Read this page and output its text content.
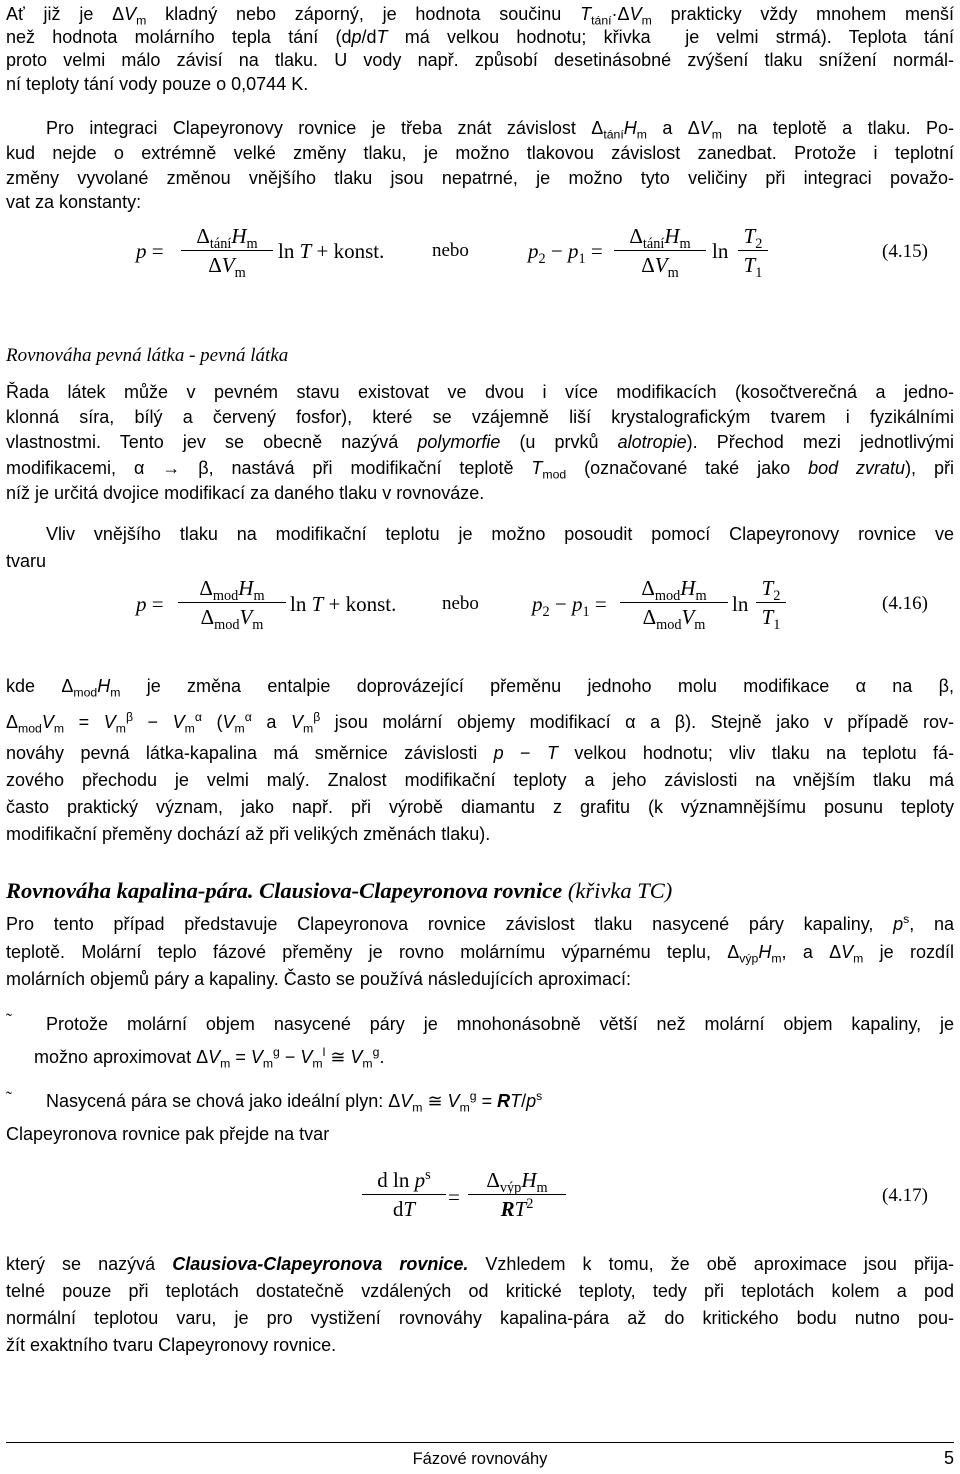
Ať již je $\Delta V_m$ kladný nebo záporný, je hodnota součinu $T_{tání}\cdot\Delta V_m$ prakticky vždy mnohem menší
než hodnota molárního tepla tání (dp/dT má velkou hodnotu; křivka  je velmi strmá). Teplota tání
proto velmi málo závisí na tlaku. U vody např. způsobí desetinásobné zvýšení tlaku snížení normál-
ní teploty tání vody pouze o 0,0744 K.
Pro integraci Clapeyronovy rovnice je třeba znát závislost $\Delta_{tání}H_m$ a $\Delta V_m$ na teplotě a tlaku. Po-
kud nejde o extrémně velké změny tlaku, je možno tlakovou závislost zanedbat. Protože i teplotní
změny vyvolané změnou vnějšího tlaku jsou nepatrné, je možno tyto veličiny při integraci považo-
vat za konstanty:
p =
$\Delta_{tání}H_m$
$\Delta V_m$
ln T + konst.	nebo	$p_2 - p_1$ =
$\Delta_{tání}H_m$
$\Delta V_m$
ln
$T_2$
$T_1$
(4.15)
Rovnováha pevná látka - pevná látka
Řada látek může v pevném stavu existovat ve dvou i více modifikacích (kosočtverečná a jedno-
klonná síra, bílý a červený fosfor), které se vzájemně liší krystalografickým tvarem i fyzikálními
vlastnostmi. Tento jev se obecně nazývá polymorfie (u prvků alotropie). Přechod mezi jednotlivými
modifikacemi, α → β, nastává při modifikační teplotě $T_{mod}$ (označované také jako bod zvratu), při
níž je určitá dvojice modifikací za daného tlaku v rovnováze.
Vliv vnějšího tlaku na modifikační teplotu je možno posoudit pomocí Clapeyronovy rovnice ve
tvaru
p =
$\Delta_{mod}H_m$
$\Delta_{mod}V_m$
ln T + konst. nebo	$p_2 - p_1$ =
$\Delta_{mod}H_m$
$\Delta_{mod}V_m$
ln
$T_2$
$T_1$
(4.16)
kde $\Delta_{mod}H_m$ je změna entalpie doprovázející přeměnu jednoho molu modifikace α na β,
$\Delta_{mod}V_m = V_m^\beta - V_m^\alpha$ ($V_m^\alpha$ a $V_m^\beta$ jsou molární objemy modifikací α a β). Stejně jako v případě rov-
nováhy pevná látka-kapalina má směrnice závislosti p − T velkou hodnotu; vliv tlaku na teplotu fá-
zového přechodu je velmi malý. Znalost modifikační teploty a jeho závislosti na vnějším tlaku má
často praktický význam, jako např. při výrobě diamantu z grafitu (k významnějšímu posunu teploty
modifikační přeměny dochází až při velikých změnách tlaku).
Rovnováha kapalina-pára. Clausiova-Clapeyronova rovnice (křivka TC)
Pro tento případ představuje Clapeyronova rovnice závislost tlaku nasycené páry kapaliny, $p^s$, na
teplotě. Molární teplo fázové přeměny je rovno molárnímu výparnému teplu, $\Delta_{výp}H_m$, a $\Delta V_m$ je rozdíl
molárních objemů páry a kapaliny. Často se používá následujících aproximací:
˜	Protože molární objem nasycené páry je mnohonásobně větší než molární objem kapaliny, je
možno aproximovat $\Delta V_m = V_m^g - V_m^l$ ≅ $V_m^g$.
˜	Nasycená pára se chová jako ideální plyn: $\Delta V_m$ ≅ $V_m^g = RT/p^s$
Clapeyronova rovnice pak přejde na tvar
d $\ln p^s$
dT	=
$\Delta_{výp}H_m$
$RT^2$	(4.17)
který se nazývá Clausiova-Clapeyronova rovnice. Vzhledem k tomu, že obě aproximace jsou přija-
telné pouze při teplotách dostatečně vzdálených od kritické teploty, tedy při teplotách kolem a pod
normální teplotou varu, je pro vystižení rovnováhy kapalina-pára až do kritického bodu nutno pou-
žít exaktního tvaru Clapeyronovy rovnice.
Fázové rovnováhy	5
